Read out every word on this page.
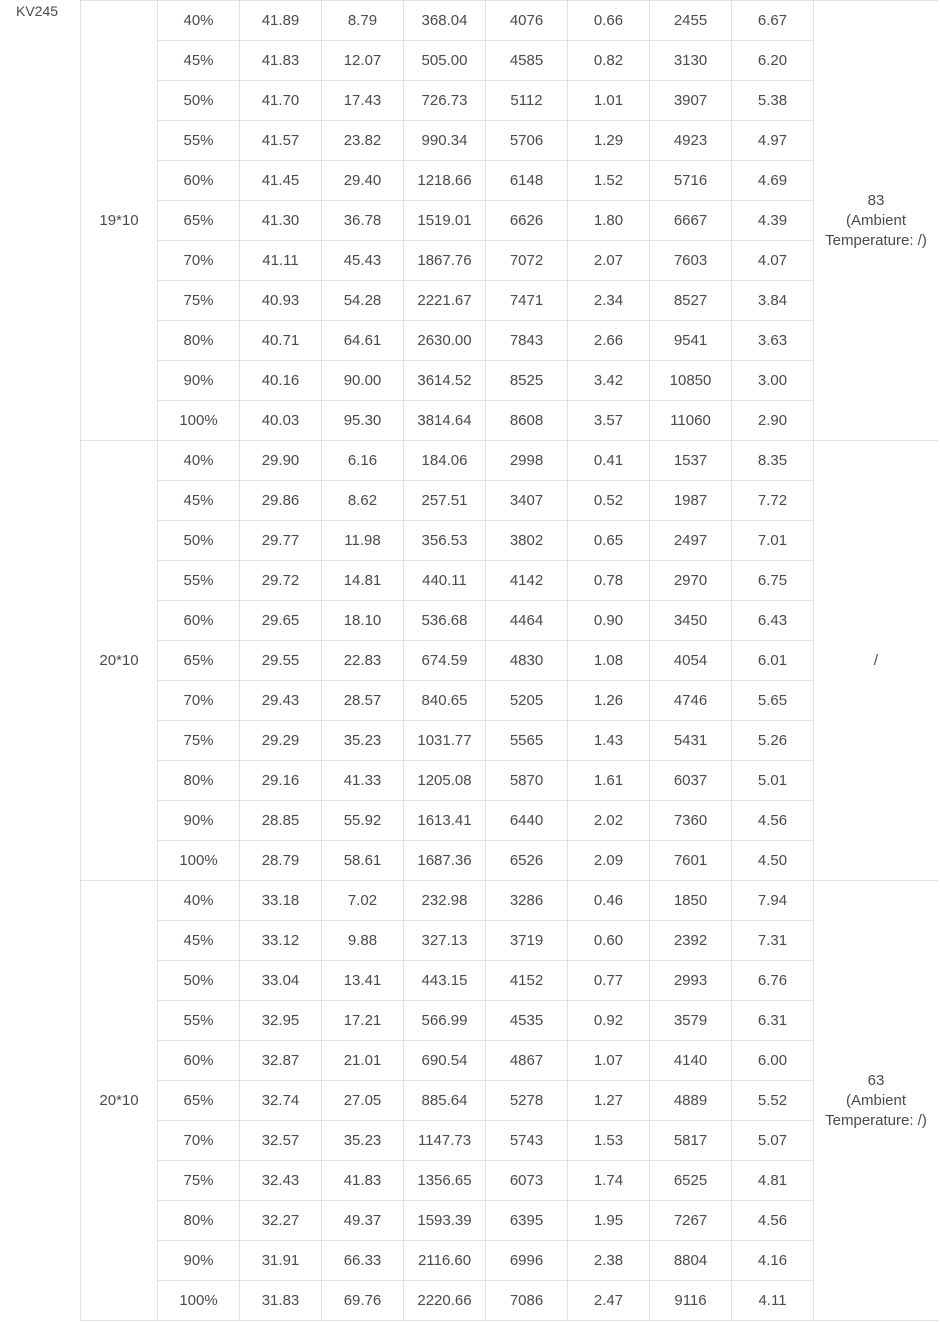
KV245
19*10	40%	41.89	8.79	368.04	4076	0.66	2455	6.67	83
(Ambient Temperature: /)
	45%	41.83	12.07	505.00	4585	0.82	3130	6.20	
	50%	41.70	17.43	726.73	5112	1.01	3907	5.38	
	55%	41.57	23.82	990.34	5706	1.29	4923	4.97	
	60%	41.45	29.40	1218.66	6148	1.52	5716	4.69	
	65%	41.30	36.78	1519.01	6626	1.80	6667	4.39	
	70%	41.11	45.43	1867.76	7072	2.07	7603	4.07	
	75%	40.93	54.28	2221.67	7471	2.34	8527	3.84	
	80%	40.71	64.61	2630.00	7843	2.66	9541	3.63	
	90%	40.16	90.00	3614.52	8525	3.42	10850	3.00	
	100%	40.03	95.30	3814.64	8608	3.57	11060	2.90	
20*10	40%	29.90	6.16	184.06	2998	0.41	1537	8.35	/
	45%	29.86	8.62	257.51	3407	0.52	1987	7.72	
	50%	29.77	11.98	356.53	3802	0.65	2497	7.01	
	55%	29.72	14.81	440.11	4142	0.78	2970	6.75	
	60%	29.65	18.10	536.68	4464	0.90	3450	6.43	
	65%	29.55	22.83	674.59	4830	1.08	4054	6.01	
	70%	29.43	28.57	840.65	5205	1.26	4746	5.65	
	75%	29.29	35.23	1031.77	5565	1.43	5431	5.26	
	80%	29.16	41.33	1205.08	5870	1.61	6037	5.01	
	90%	28.85	55.92	1613.41	6440	2.02	7360	4.56	
	100%	28.79	58.61	1687.36	6526	2.09	7601	4.50	
20*10	40%	33.18	7.02	232.98	3286	0.46	1850	7.94	63
(Ambient Temperature: /)
	45%	33.12	9.88	327.13	3719	0.60	2392	7.31	
	50%	33.04	13.41	443.15	4152	0.77	2993	6.76	
	55%	32.95	17.21	566.99	4535	0.92	3579	6.31	
	60%	32.87	21.01	690.54	4867	1.07	4140	6.00	
	65%	32.74	27.05	885.64	5278	1.27	4889	5.52	
	70%	32.57	35.23	1147.73	5743	1.53	5817	5.07	
	75%	32.43	41.83	1356.65	6073	1.74	6525	4.81	
	80%	32.27	49.37	1593.39	6395	1.95	7267	4.56	
	90%	31.91	66.33	2116.60	6996	2.38	8804	4.16	
	100%	31.83	69.76	2220.66	7086	2.47	9116	4.11	
